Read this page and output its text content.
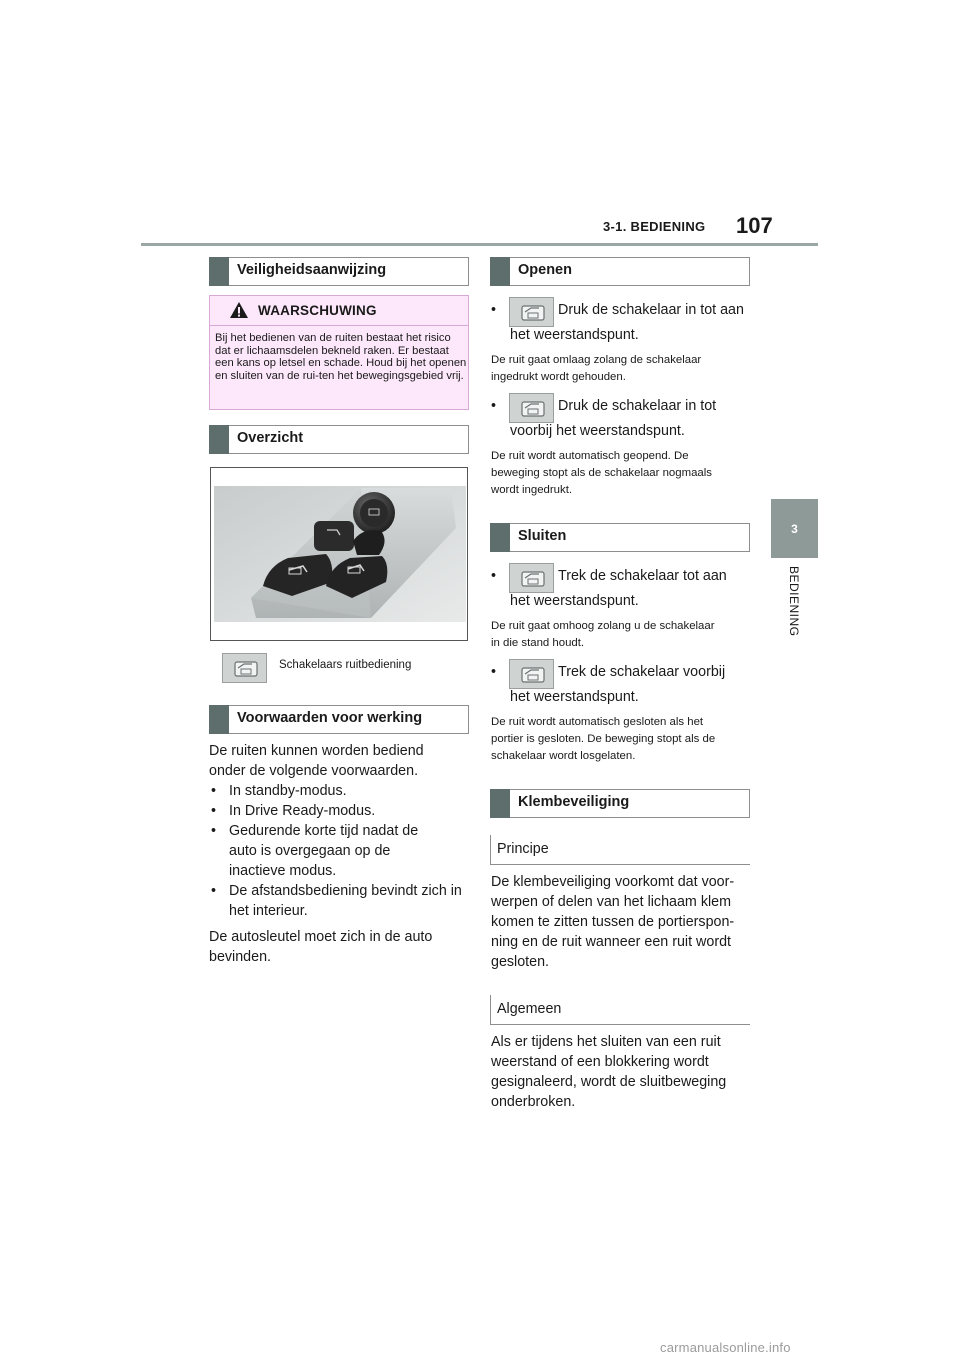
3-1. BEDIENING 107
3
BEDIENING
Veiligheidsaanwijzing
WAARSCHUWING
Bij het bedienen van de ruiten bestaat het risico dat er lichaamsdelen bekneld raken. Er bestaat een kans op letsel en schade. Houd bij het openen en sluiten van de rui-ten het bewegingsgebied vrij.
Overzicht
Schakelaars ruitbediening
Voorwaarden voor werking
De ruiten kunnen worden bediend
onder de volgende voorwaarden.
• In standby-modus.
• In Drive Ready-modus.
• Gedurende korte tijd nadat de auto is overgegaan op de inactieve modus.
• De afstandsbediening bevindt zich in het interieur.
De autosleutel moet zich in de auto
bevinden.
Openen
•	Druk de schakelaar in tot aan
het weerstandspunt.
De ruit gaat omlaag zolang de schakelaar
ingedrukt wordt gehouden.
•	Druk de schakelaar in tot
voorbij het weerstandspunt.
De ruit wordt automatisch geopend. De
beweging stopt als de schakelaar nogmaals
wordt ingedrukt.
Sluiten
•	Trek de schakelaar tot aan
het weerstandspunt.
De ruit gaat omhoog zolang u de schakelaar
in die stand houdt.
•	Trek de schakelaar voorbij
het weerstandspunt.
De ruit wordt automatisch gesloten als het
portier is gesloten. De beweging stopt als de
schakelaar wordt losgelaten.
Klembeveiliging
Principe
De klembeveiliging voorkomt dat voor-
werpen of delen van het lichaam klem
komen te zitten tussen de portierspon-
ning en de ruit wanneer een ruit wordt
gesloten.
Algemeen
Als er tijdens het sluiten van een ruit
weerstand of een blokkering wordt
gesignaleerd, wordt de sluitbeweging
onderbroken.
carmanualsonline.info
